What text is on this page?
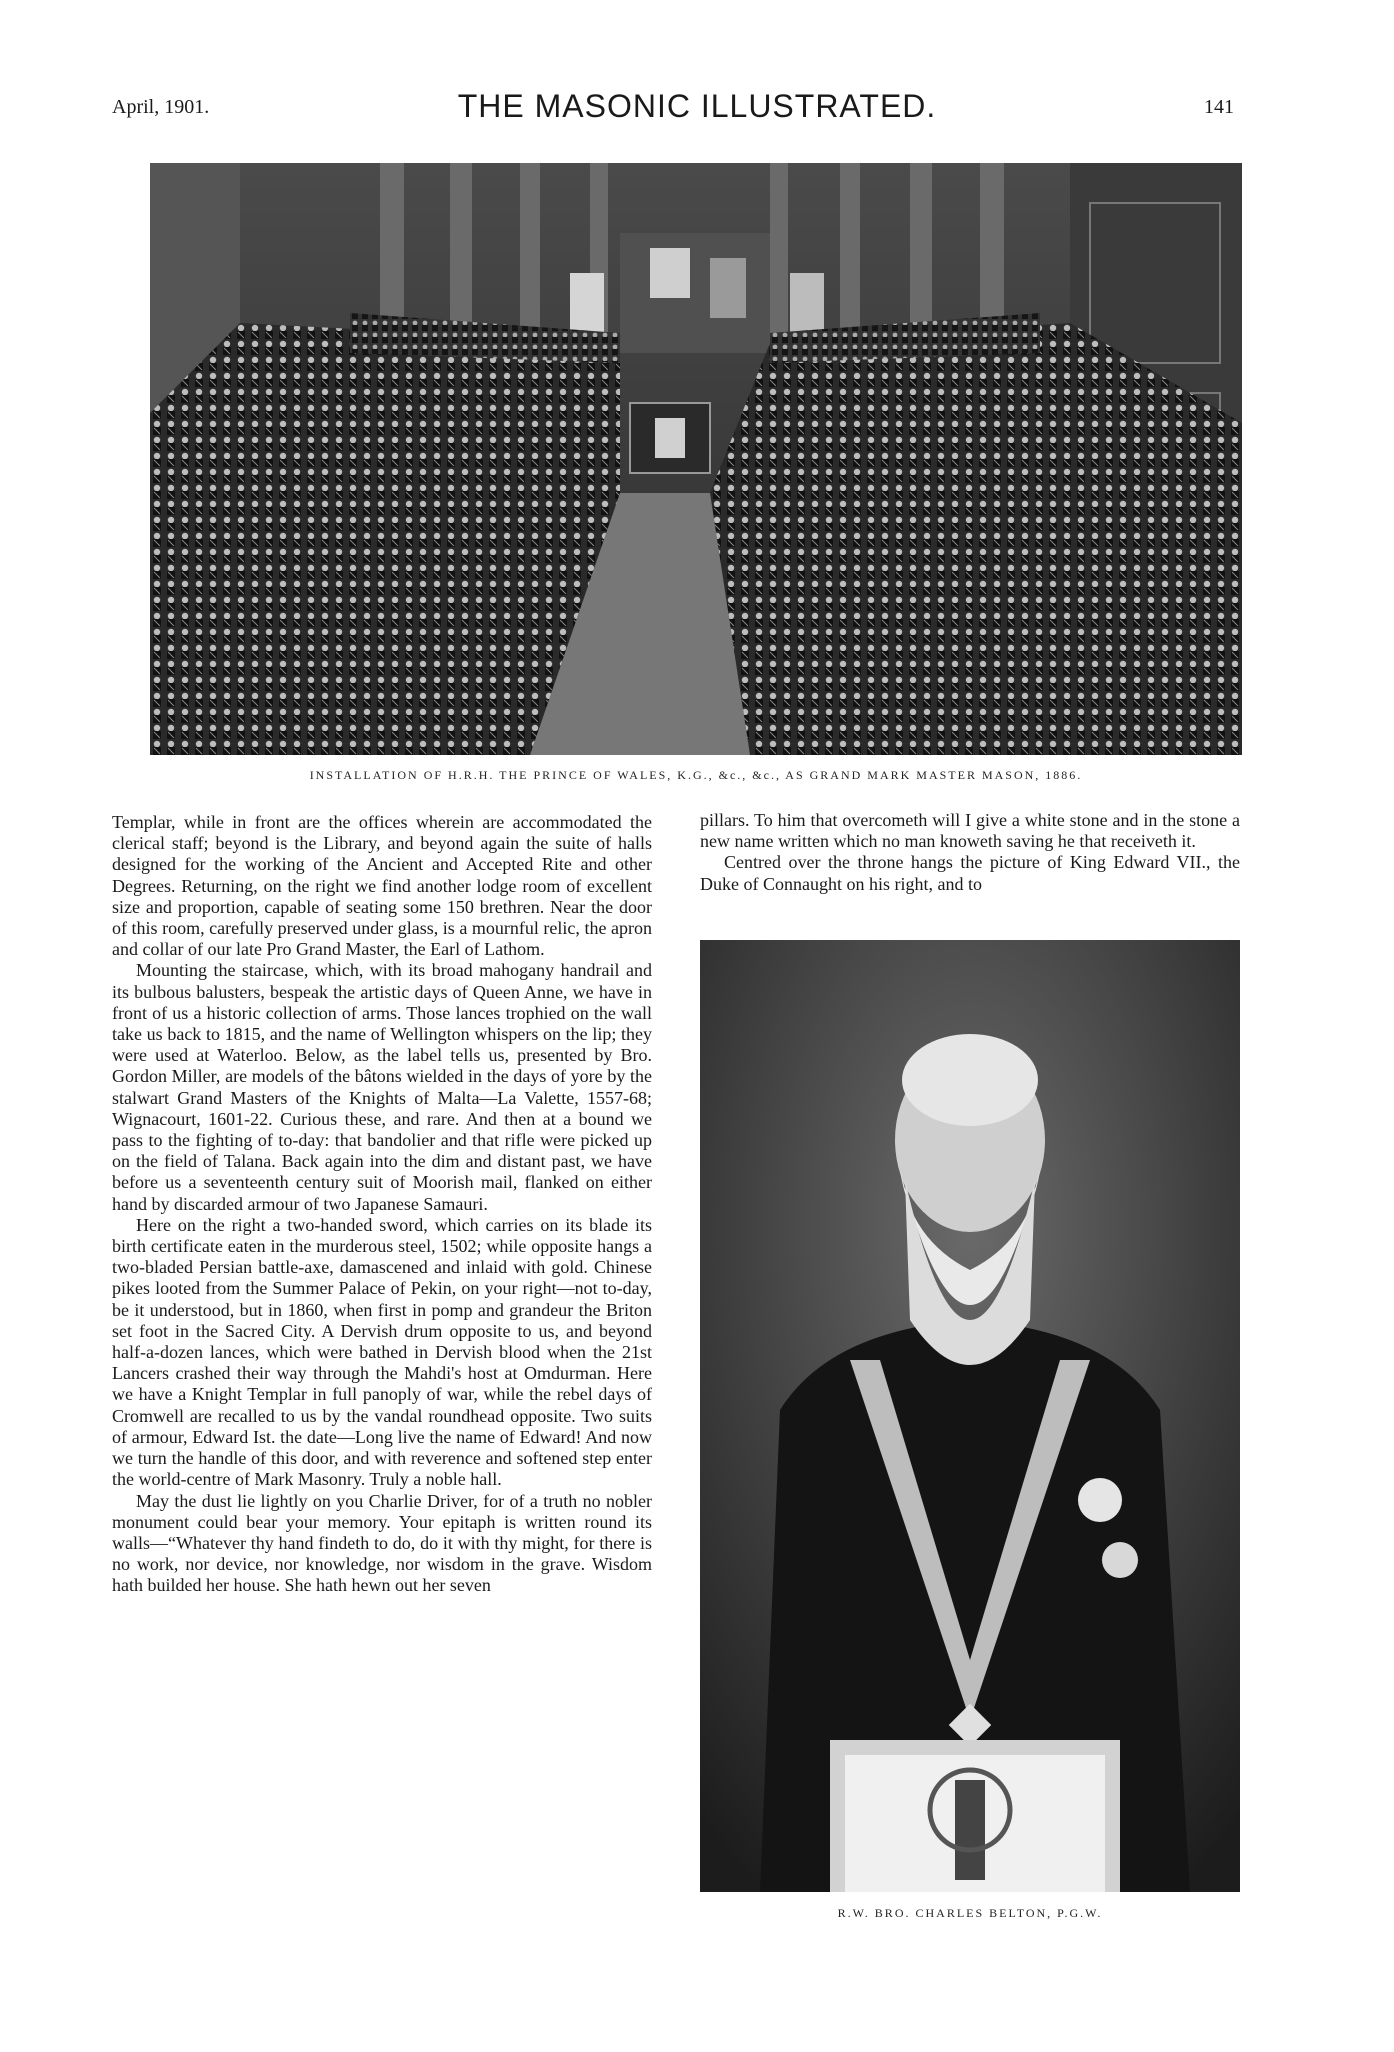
April, 1901.	THE MASONIC ILLUSTRATED.	141
INSTALLATION OF H.R.H. THE PRINCE OF WALES, K.G., &c., &c., AS GRAND MARK MASTER MASON, 1886.

Templar, while in front are the offices wherein are accommodated the clerical staff; beyond is the Library, and beyond again the suite of halls designed for the working of the Ancient and Accepted Rite and other Degrees. Returning, on the right we find another lodge room of excellent size and proportion, capable of seating some 150 brethren. Near the door of this room, carefully preserved under glass, is a mournful relic, the apron and collar of our late Pro Grand Master, the Earl of Lathom.

Mounting the staircase, which, with its broad mahogany handrail and its bulbous balusters, bespeak the artistic days of Queen Anne, we have in front of us a historic collection of arms. Those lances trophied on the wall take us back to 1815, and the name of Wellington whispers on the lip; they were used at Waterloo. Below, as the label tells us, presented by Bro. Gordon Miller, are models of the bâtons wielded in the days of yore by the stalwart Grand Masters of the Knights of Malta—La Valette, 1557-68; Wignacourt, 1601-22. Curious these, and rare. And then at a bound we pass to the fighting of to-day: that bandolier and that rifle were picked up on the field of Talana. Back again into the dim and distant past, we have before us a seventeenth century suit of Moorish mail, flanked on either hand by discarded armour of two Japanese Samauri.

Here on the right a two-handed sword, which carries on its blade its birth certificate eaten in the murderous steel, 1502; while opposite hangs a two-bladed Persian battle-axe, damascened and inlaid with gold. Chinese pikes looted from the Summer Palace of Pekin, on your right—not to-day, be it understood, but in 1860, when first in pomp and grandeur the Briton set foot in the Sacred City. A Dervish drum opposite to us, and beyond half-a-dozen lances, which were bathed in Dervish blood when the 21st Lancers crashed their way through the Mahdi's host at Omdurman. Here we have a Knight Templar in full panoply of war, while the rebel days of Cromwell are recalled to us by the vandal roundhead opposite. Two suits of armour, Edward Ist. the date—Long live the name of Edward! And now we turn the handle of this door, and with reverence and softened step enter the world-centre of Mark Masonry. Truly a noble hall.

May the dust lie lightly on you Charlie Driver, for of a truth no nobler monument could bear your memory. Your epitaph is written round its walls—“Whatever thy hand findeth to do, do it with thy might, for there is no work, nor device, nor knowledge, nor wisdom in the grave. Wisdom hath builded her house. She hath hewn out her seven

pillars. To him that overcometh will I give a white stone and in the stone a new name written which no man knoweth saving he that receiveth it.

Centred over the throne hangs the picture of King Edward VII., the Duke of Connaught on his right, and to

R.W. BRO. CHARLES BELTON, P.G.W.
